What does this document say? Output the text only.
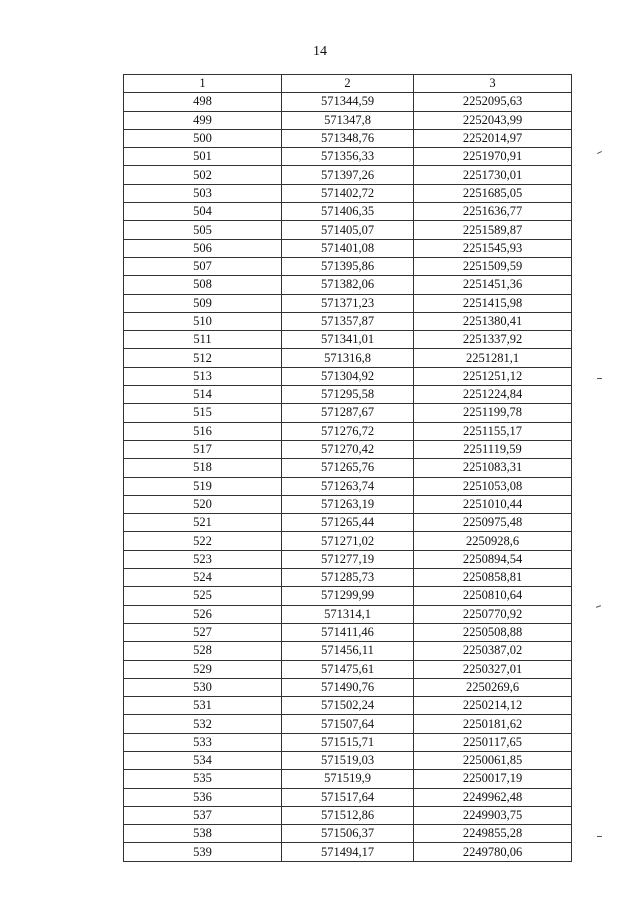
14
1	2	3
498	571344,59	2252095,63
499	571347,8	2252043,99
500	571348,76	2252014,97
501	571356,33	2251970,91
502	571397,26	2251730,01
503	571402,72	2251685,05
504	571406,35	2251636,77
505	571405,07	2251589,87
506	571401,08	2251545,93
507	571395,86	2251509,59
508	571382,06	2251451,36
509	571371,23	2251415,98
510	571357,87	2251380,41
511	571341,01	2251337,92
512	571316,8	2251281,1
513	571304,92	2251251,12
514	571295,58	2251224,84
515	571287,67	2251199,78
516	571276,72	2251155,17
517	571270,42	2251119,59
518	571265,76	2251083,31
519	571263,74	2251053,08
520	571263,19	2251010,44
521	571265,44	2250975,48
522	571271,02	2250928,6
523	571277,19	2250894,54
524	571285,73	2250858,81
525	571299,99	2250810,64
526	571314,1	2250770,92
527	571411,46	2250508,88
528	571456,11	2250387,02
529	571475,61	2250327,01
530	571490,76	2250269,6
531	571502,24	2250214,12
532	571507,64	2250181,62
533	571515,71	2250117,65
534	571519,03	2250061,85
535	571519,9	2250017,19
536	571517,64	2249962,48
537	571512,86	2249903,75
538	571506,37	2249855,28
539	571494,17	2249780,06
